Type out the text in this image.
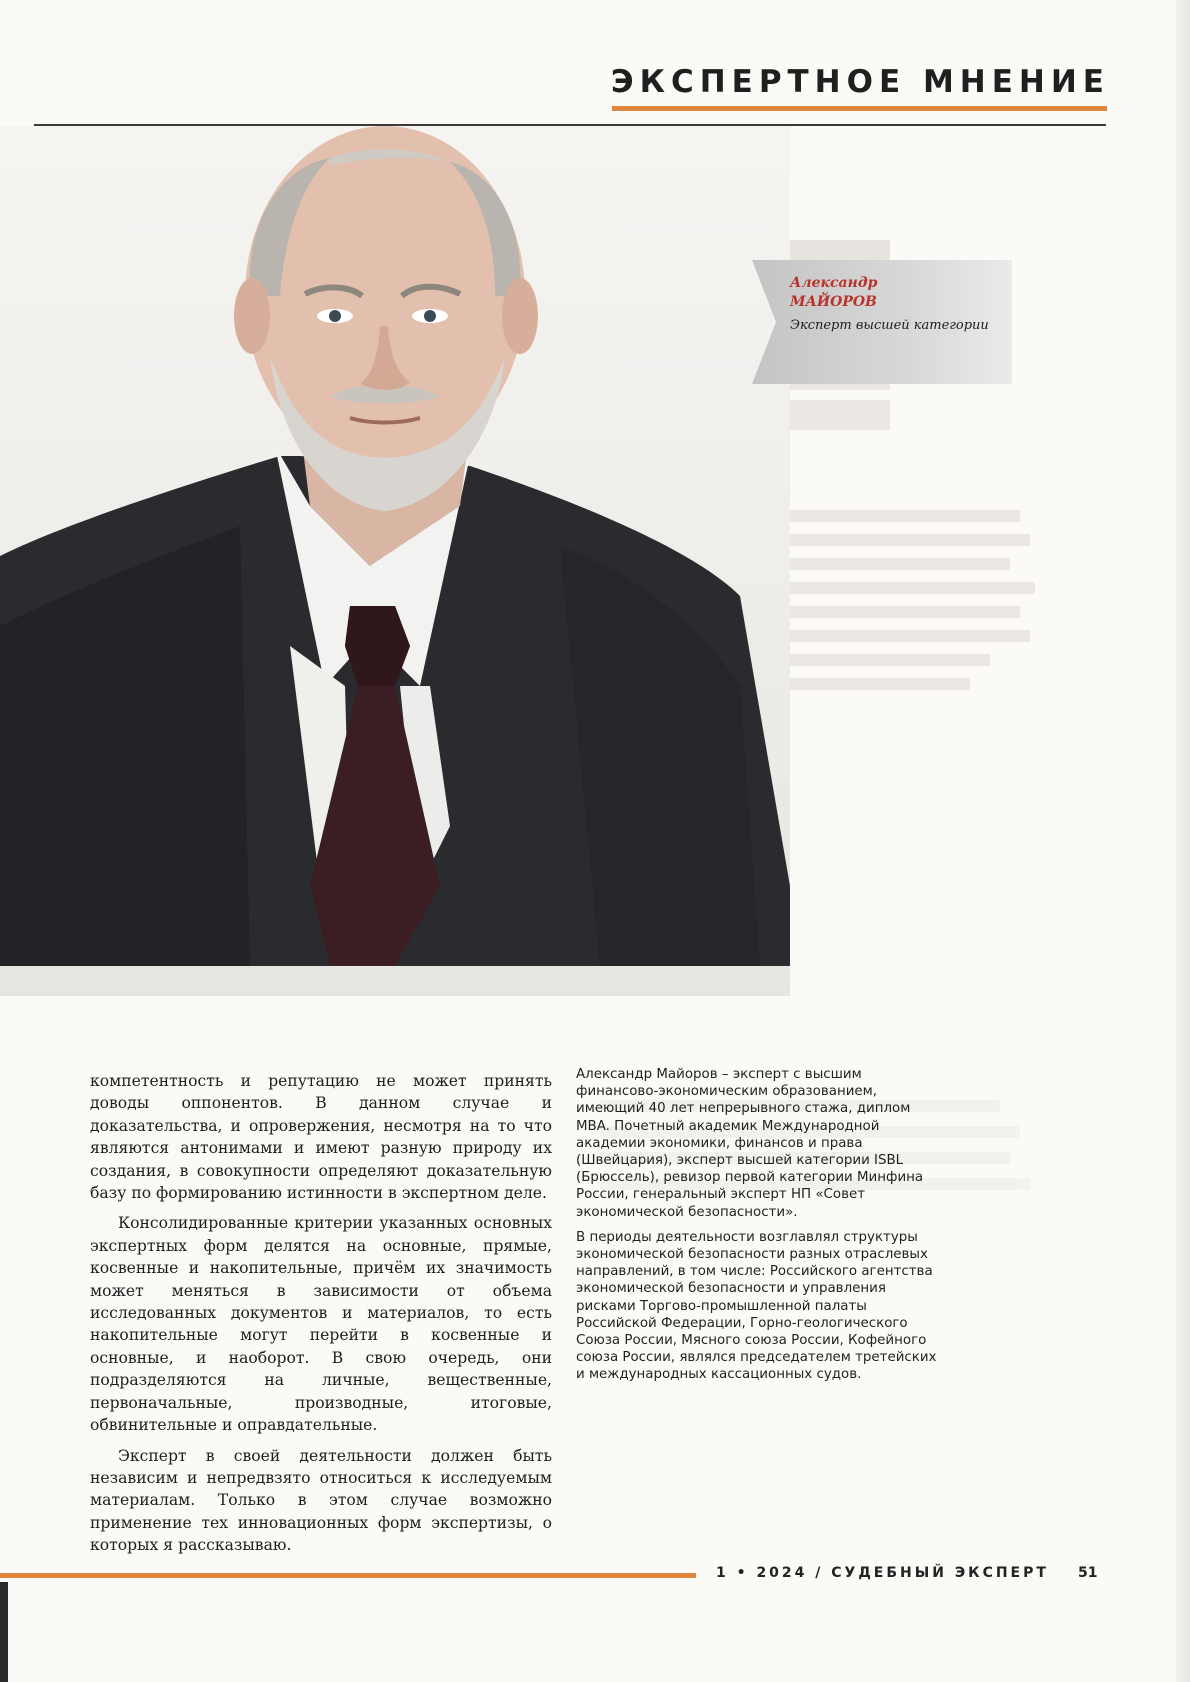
ЭКСПЕРТНОЕ МНЕНИЕ
Александр
МАЙОРОВ
Эксперт высшей категории

компетентность и репутацию не может принять доводы оппонентов. В данном случае и доказательства, и опровержения, несмотря на то что являются антонимами и имеют разную природу их создания, в совокупности определяют доказательную базу по формированию истинности в экспертном деле.

Консолидированные критерии указанных основных экспертных форм делятся на основные, прямые, косвенные и накопительные, причём их значимость может меняться в зависимости от объема исследованных документов и материалов, то есть накопительные могут перейти в косвенные и основные, и наоборот. В свою очередь, они подразделяются на личные, вещественные, первоначальные, производные, итоговые, обвинительные и оправдательные.

Эксперт в своей деятельности должен быть независим и непредвзято относиться к исследуемым материалам. Только в этом случае возможно применение тех инновационных форм экспертизы, о которых я рассказываю.

Александр Майоров – эксперт с высшим финансово-экономическим образованием, имеющий 40 лет непрерывного стажа, диплом MBA. Почетный академик Международной академии экономики, финансов и права (Швейцария), эксперт высшей категории ISBL (Брюссель), ревизор первой категории Минфина России, генеральный эксперт НП «Совет экономической безопасности».

В периоды деятельности возглавлял структуры экономической безопасности разных отраслевых направлений, в том числе: Российского агентства экономической безопасности и управления рисками Торгово-промышленной палаты Российской Федерации, Горно-геологического Союза России, Мясного союза России, Кофейного союза России, являлся председателем третейских и международных кассационных судов.

1 • 2024 / СУДЕБНЫЙ ЭКСПЕРТ 51
